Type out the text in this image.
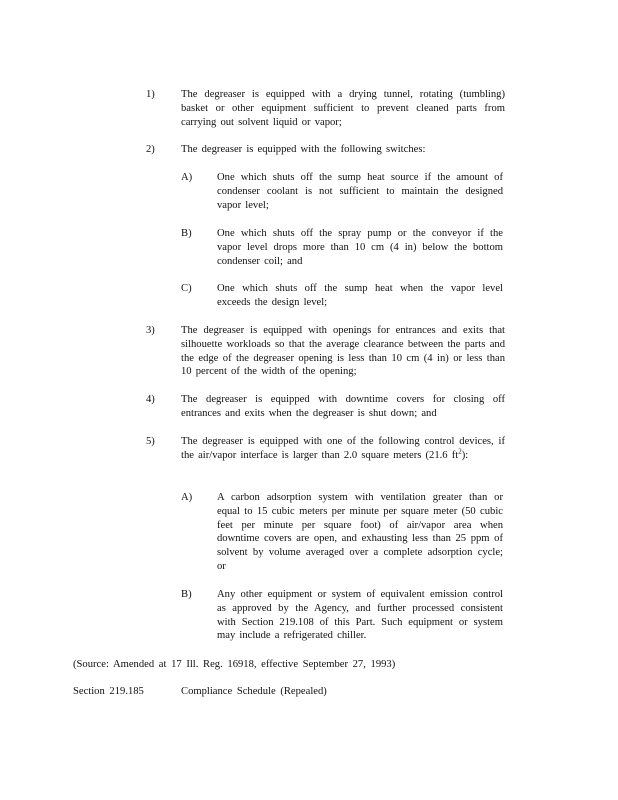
1) The degreaser is equipped with a drying tunnel, rotating (tumbling) basket or other equipment sufficient to prevent cleaned parts from carrying out solvent liquid or vapor;
2) The degreaser is equipped with the following switches:
A) One which shuts off the sump heat source if the amount of condenser coolant is not sufficient to maintain the designed vapor level;
B) One which shuts off the spray pump or the conveyor if the vapor level drops more than 10 cm (4 in) below the bottom condenser coil; and
C) One which shuts off the sump heat when the vapor level exceeds the design level;
3) The degreaser is equipped with openings for entrances and exits that silhouette workloads so that the average clearance between the parts and the edge of the degreaser opening is less than 10 cm (4 in) or less than 10 percent of the width of the opening;
4) The degreaser is equipped with downtime covers for closing off entrances and exits when the degreaser is shut down; and
5) The degreaser is equipped with one of the following control devices, if the air/vapor interface is larger than 2.0 square meters (21.6 $ft^2$):
A) A carbon adsorption system with ventilation greater than or equal to 15 cubic meters per minute per square meter (50 cubic feet per minute per square foot) of air/vapor area when downtime covers are open, and exhausting less than 25 ppm of solvent by volume averaged over a complete adsorption cycle; or
B) Any other equipment or system of equivalent emission control as approved by the Agency, and further processed consistent with Section 219.108 of this Part. Such equipment or system may include a refrigerated chiller.
(Source: Amended at 17 Ill. Reg. 16918, effective September 27, 1993)
Section 219.185	Compliance Schedule (Repealed)
